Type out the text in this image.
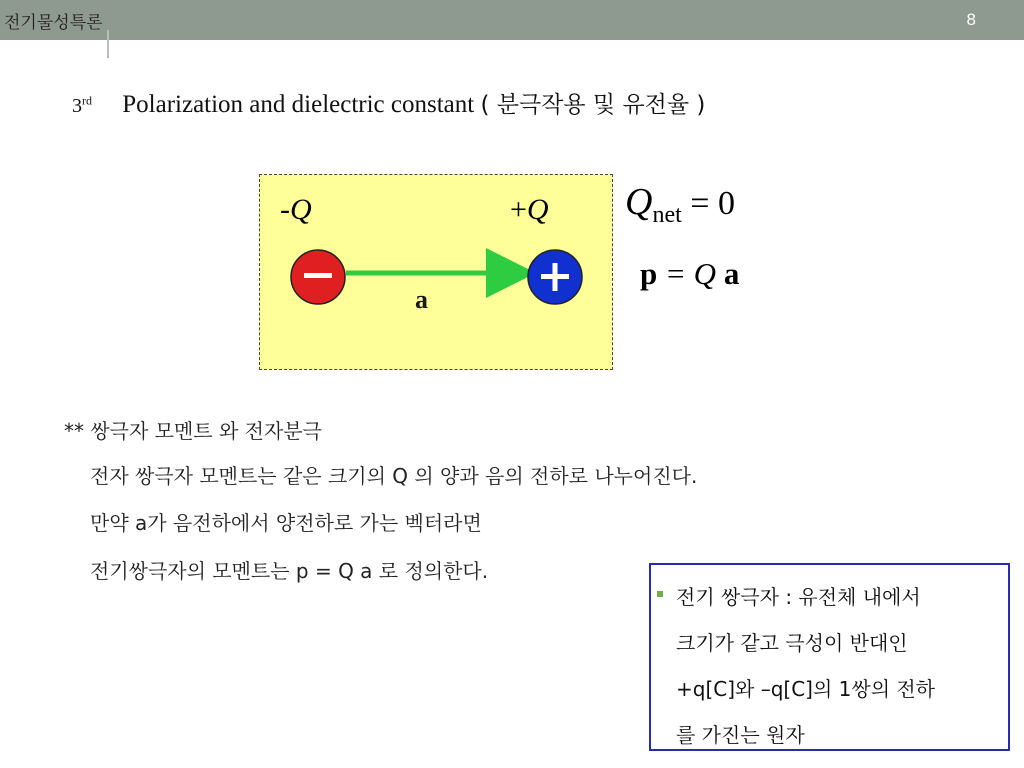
전기물성특론	8
3rd Polarization and dielectric constant ( 분극작용 및 유전율 )
-Q	+Q
a
$Q_{net} = 0$
p = Q a
** 쌍극자 모멘트 와 전자분극
전자 쌍극자 모멘트는 같은 크기의 Q 의 양과 음의 전하로 나누어진다.
만약 a가 음전하에서 양전하로 가는 벡터라면
전기쌍극자의 모멘트는 p = Q a 로 정의한다.
전기 쌍극자 : 유전체 내에서
크기가 같고 극성이 반대인
+q[C]와 –q[C]의 1쌍의 전하
를 가진는 원자
